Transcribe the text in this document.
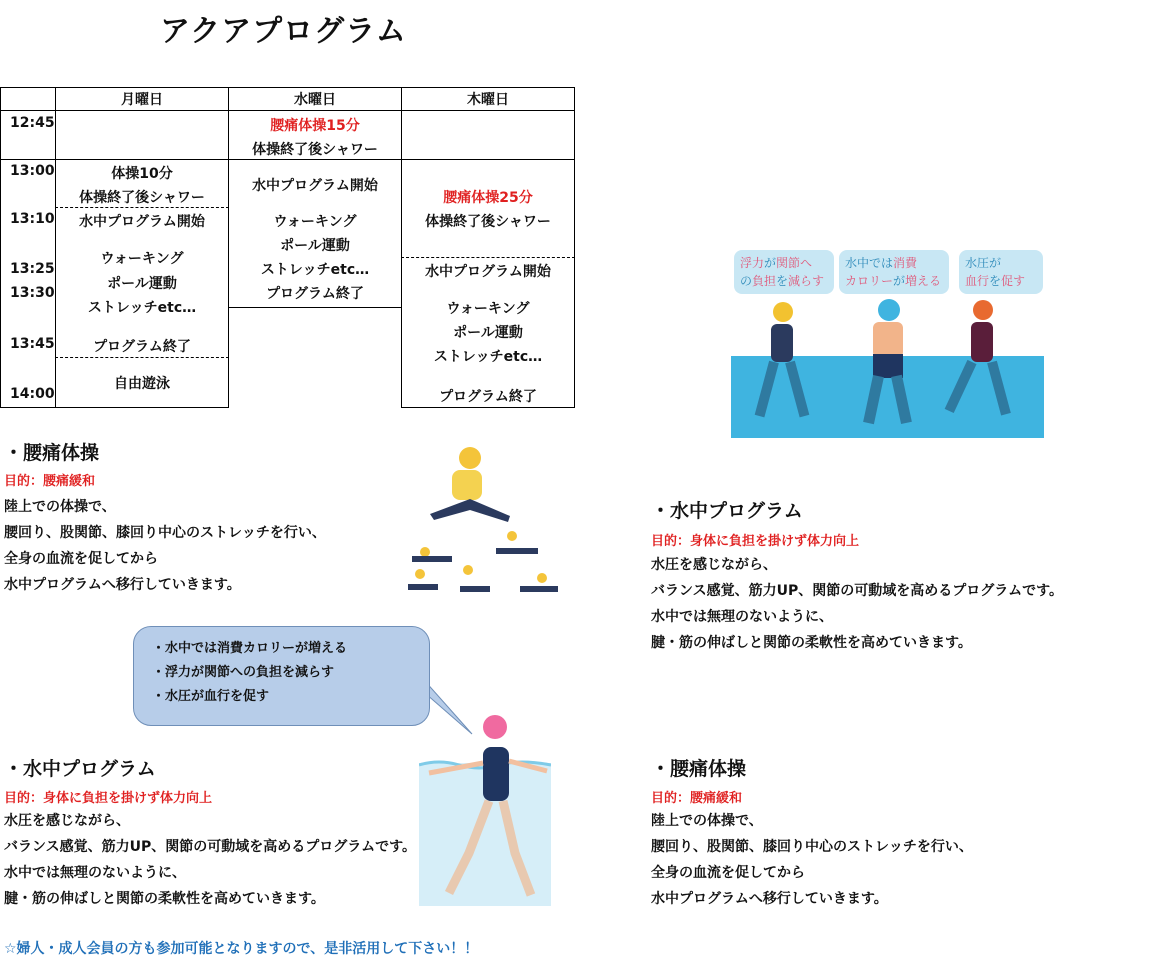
アクアプログラム
月曜日	水曜日	木曜日
12:45
13:00
13:10
13:25
13:30
13:45
14:00
体操10分
体操終了後シャワー
水中プログラム開始
ウォーキング
ポール運動
ストレッチetc…
プログラム終了
自由遊泳
腰痛体操15分
体操終了後シャワー
水中プログラム開始
ウォーキング
ポール運動
ストレッチetc…
プログラム終了
腰痛体操25分
体操終了後シャワー
水中プログラム開始
ウォーキング
ポール運動
ストレッチetc…
プログラム終了
浮力が関節へ
の負担を減らす
水中では消費
カロリーが増える
水圧が
血行を促す
・腰痛体操
目的：腰痛緩和
陸上での体操で、
腰回り、股関節、膝回り中心のストレッチを行い、
全身の血流を促してから
水中プログラムへ移行していきます。
・水中プログラム
目的：身体に負担を掛けず体力向上
水圧を感じながら、
バランス感覚、筋力UP、関節の可動域を高めるプログラムです。
水中では無理のないように、
腱・筋の伸ばしと関節の柔軟性を高めていきます。
・水中では消費カロリーが増える
・浮力が関節への負担を減らす
・水圧が血行を促す
・水中プログラム
目的：身体に負担を掛けず体力向上
水圧を感じながら、
バランス感覚、筋力UP、関節の可動域を高めるプログラムです。
水中では無理のないように、
腱・筋の伸ばしと関節の柔軟性を高めていきます。
・腰痛体操
目的：腰痛緩和
陸上での体操で、
腰回り、股関節、膝回り中心のストレッチを行い、
全身の血流を促してから
水中プログラムへ移行していきます。
☆婦人・成人会員の方も参加可能となりますので、是非活用して下さい！！
